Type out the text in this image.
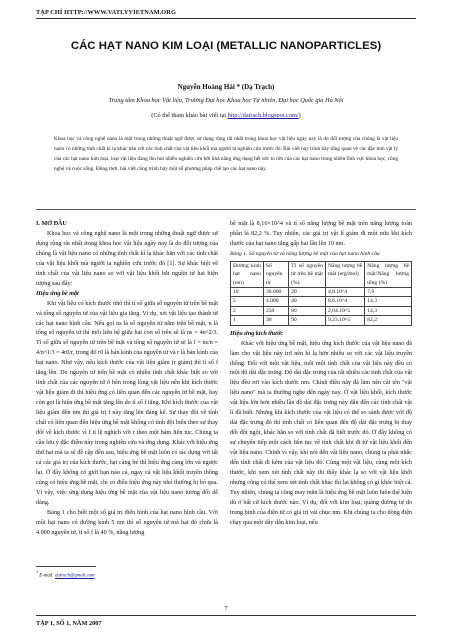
TẠP CHÍ HTTP://WWW.VATLYVIETNAM.ORG
CÁC HẠT NANO KIM LOẠI (METALLIC NANOPARTICLES)
Nguyễn Hoàng Hải * (Dạ Trạch)
Trung tâm Khoa học Vật liệu, Trường Đại học Khoa học Tự nhiên, Đại học Quốc gia Hà Nội
(Có thể tham khảo bài viết tại http://datrach.blogspot.com/)
Khoa học và công nghệ nano là một trong những thuật ngữ được sử dụng rộng rãi nhất trong khoa học vật liệu ngày nay là do đối tượng của chúng là vật liệu nano có những tính chất kì lạ khác hẳn với các tính chất của vật liệu khối mà người ta nghiên cứu trước đó. Bài viết này trình bày tổng quan về các đặc tính vật lý của các hạt nano kim loại, loại vật liệu đang thu hút nhiều nghiên cứu bởi khả năng ứng dụng hết sức to lớn của các hạt nano trong nhiều lĩnh vực khoa học, công nghệ và cuộc sống. Đồng thời, bài viết cũng trình bày một số phương pháp chế tạo các hạt nano này.

I. MỞ ĐẦU

Khoa học và công nghệ nano là một trong những thuật ngữ được sử dụng rộng rãi nhất trong khoa học vật liệu ngày nay là do đối tượng của chúng là vật liệu nano có những tính chất kì lạ khác hẳn với các tính chất của vật liệu khối mà người ta nghiên cứu trước đó [1]. Sự khác biệt về tính chất của vật liệu nano so với vật liệu khối bắt nguồn từ hai hiện tượng sau đây:

Hiệu ứng bề mặt

Khi vật liệu có kích thước nhỏ thì tỉ số giữa số nguyên tử trên bề mặt và tổng số nguyên tử của vật liệu gia tăng. Ví dụ, xét vật liệu tạo thành từ các hạt nano hình cầu. Nếu gọi ns là số nguyên tử nằm trên bề mặt, n là tổng số nguyên tử thì mối liên hệ giữa hai con số trên sẽ là ns = 4n^2/3. Tỉ số giữa số nguyên tử trên bề mặt và tổng số nguyên tử sẽ là f = ns/n = 4/n^1/3 = 4r0/r, trong đó r0 là bán kính của nguyên tử và r là bán kính của hạt nano. Như vậy, nếu kích thước của vật liệu giảm (r giảm) thì tỉ số f tăng lên. Do nguyên tử trên bề mặt có nhiều tính chất khác biệt so với tính chất của các nguyên tử ở bên trong lòng vật liệu nên khi kích thước vật liệu giảm đi thì hiệu ứng có liên quan đến các nguyên tử bề mặt, hay còn gọi là hiệu ứng bề mặt tăng lên do tỉ số f tăng. Khi kích thước của vật liệu giảm đến nm thì giá trị f này tăng lên đáng kể. Sự thay đổi về tính chất có liên quan đến hiệu ứng bề mặt không có tính đột biến theo sự thay đổi về kích thước vì f tỉ lệ nghịch với r theo một hàm liên tục. Chúng ta cần lưu ý đặc điểm này trong nghiên cứu và ứng dụng. Khác với hiệu ứng thứ hai mà ta sẽ đề cập đến sau, hiệu ứng bề mặt luôn có tác dụng với tất cả các giá trị của kích thước, hạt càng bé thì hiệu ứng càng lớn và ngược lại. Ở đây không có giới hạn nào cả, ngay cả vật liệu khối truyền thống cũng có hiệu ứng bề mặt, chỉ có điều hiệu ứng này nhỏ thường bị bỏ qua. Vì vậy, việc ứng dụng hiệu ứng bề mặt của vật liệu nano tương đối dễ dàng.

Bảng 1 cho biết một số giá trị điển hình của hạt nano hình cầu. Với một hạt nano có đường kính 5 nm thì số nguyên tử mà hạt đó chứa là 4.000 nguyên tử, tỉ số f là 40 %, năng lượng

bề mặt là 8,16×10^4 và tỉ số năng lượng bề mặt trên năng lượng toàn phần là 82,2 %. Tuy nhiên, các giá trị vật lí giảm đi một nửa khi kích thước của hạt nano tăng gấp hai lần lên 10 nm.

Bảng 1. Số nguyên tử và năng lượng bề mặt của hạt nano hình cầu

Đường kính hạt nano (nm)	Số nguyên tử	Tỉ số nguyên tử trên bề mặt (%)	Năng lượng bề mặt (erg/mol)	Năng lượng bề mặt/Năng lượng tổng (%)
10	30.000	20	4,8.10^4	7,6
5	4.000	40	8,6.10^4	14,3
2	250	80	2,04.10^5	14,3
1	30	90	9,23.10^5	82,2

Hiệu ứng kích thước

Khác với hiệu ứng bề mặt, hiệu ứng kích thước của vật liệu nano đã làm cho vật liệu này trở nên kì lạ hơn nhiều so với các vật liệu truyền thống. Đối với một vật liệu, mỗi một tính chất của vật liệu này đều có một độ dài đặc trưng. Độ dài đặc trưng của rất nhiều các tính chất của vật liệu đều rơi vào kích thước nm. Chính điều này đã làm nên cái tên "vật liệu nano" mà ta thường nghe đến ngày nay. Ở vật liệu khối, kích thước vật liệu lớn hơn nhiều lần độ dài đặc trưng này dẫn đến các tính chất vật lí đã biết. Nhưng khi kích thước của vật liệu có thể so sánh được với độ dài đặc trưng đó thì tính chất có liên quan đến độ dài đặc trưng bị thay đổi đột ngột, khác hẳn so với tính chất đã biết trước đó. Ở đây không có sự chuyển tiếp một cách liên tục về tính chất khi đi từ vật liệu khối đến vật liệu nano. Chính vì vậy, khi nói đến vật liệu nano, chúng ta phải nhắc đến tính chất đi kèm của vật liệu đó. Cùng một vật liệu, cùng một kích thước, khi xem xét tính chất này thì thấy khác lạ so với vật liệu khối nhưng cũng có thể xem xét tính chất khác thì lại không có gì khác biệt cả. Tuy nhiên, chúng ta cũng may mắn là hiệu ứng bề mặt luôn luôn thể hiện dù ở bất cứ kích thước nào. Ví dụ, đối với kim loại, quãng đường tự do trung bình của điện tử có giá trị vài chục nm. Khi chúng ta cho dòng điện chạy qua một dây dẫn kim loại, nếu

* E-mail: datrach@gmail.com
7
TẬP 1, SỐ 1, NĂM 2007
